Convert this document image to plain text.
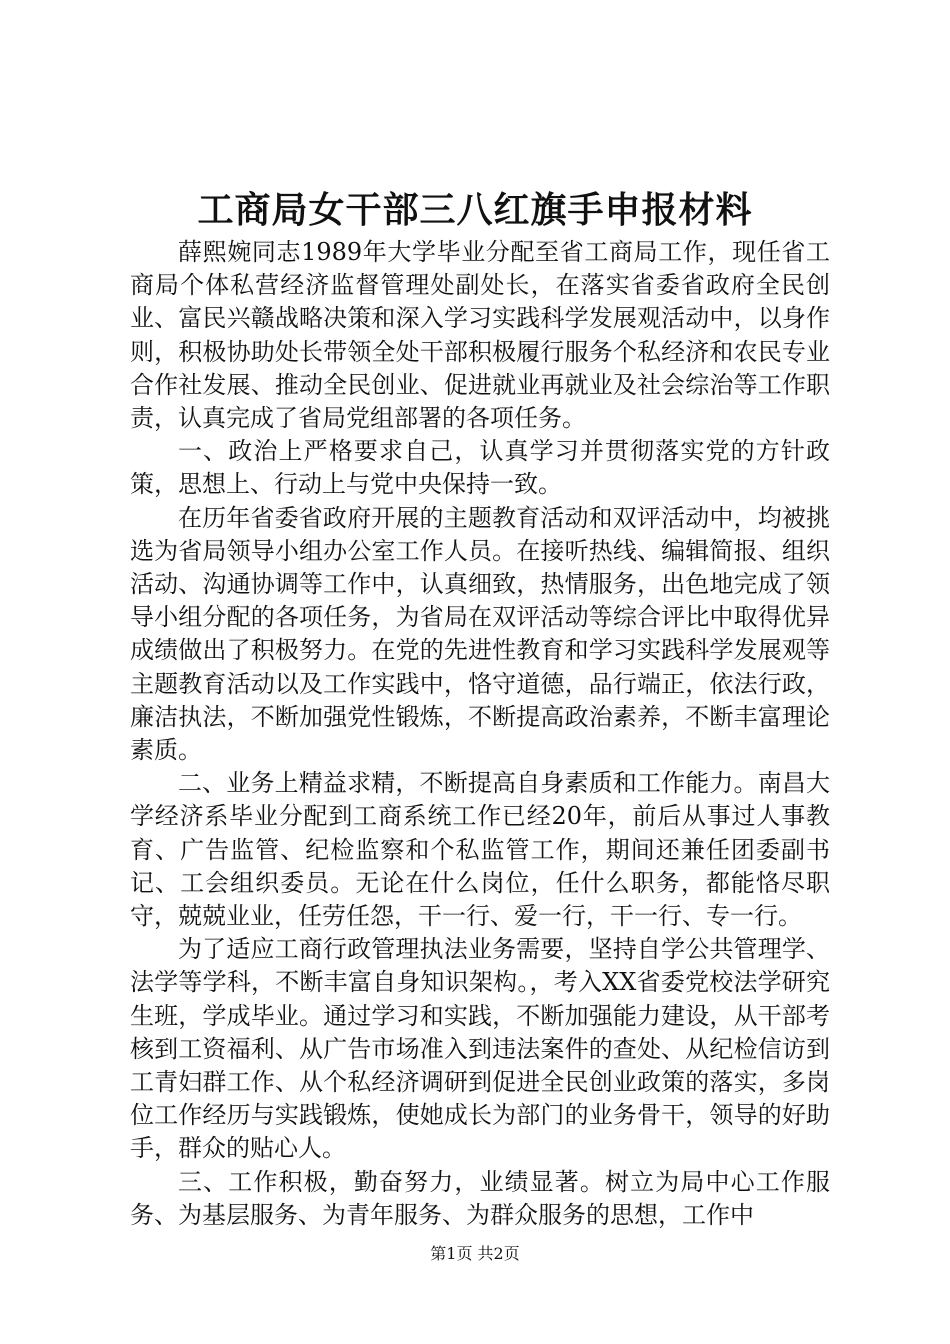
工商局女干部三八红旗手申报材料

薛熙婉同志1989年大学毕业分配至省工商局工作，现任省工商局个体私营经济监督管理处副处长，在落实省委省政府全民创业、富民兴赣战略决策和深入学习实践科学发展观活动中，以身作则，积极协助处长带领全处干部积极履行服务个私经济和农民专业合作社发展、推动全民创业、促进就业再就业及社会综治等工作职责，认真完成了省局党组部署的各项任务。

一、政治上严格要求自己，认真学习并贯彻落实党的方针政策，思想上、行动上与党中央保持一致。

在历年省委省政府开展的主题教育活动和双评活动中，均被挑选为省局领导小组办公室工作人员。在接听热线、编辑简报、组织活动、沟通协调等工作中，认真细致，热情服务，出色地完成了领导小组分配的各项任务，为省局在双评活动等综合评比中取得优异成绩做出了积极努力。在党的先进性教育和学习实践科学发展观等主题教育活动以及工作实践中，恪守道德，品行端正，依法行政，廉洁执法，不断加强党性锻炼，不断提高政治素养，不断丰富理论素质。

二、业务上精益求精，不断提高自身素质和工作能力。南昌大学经济系毕业分配到工商系统工作已经20年，前后从事过人事教育、广告监管、纪检监察和个私监管工作，期间还兼任团委副书记、工会组织委员。无论在什么岗位，任什么职务，都能恪尽职守，兢兢业业，任劳任怨，干一行、爱一行，干一行、专一行。

为了适应工商行政管理执法业务需要，坚持自学公共管理学、法学等学科，不断丰富自身知识架构。，考入XX省委党校法学研究生班，学成毕业。通过学习和实践，不断加强能力建设，从干部考核到工资福利、从广告市场准入到违法案件的查处、从纪检信访到工青妇群工作、从个私经济调研到促进全民创业政策的落实，多岗位工作经历与实践锻炼，使她成长为部门的业务骨干，领导的好助手，群众的贴心人。

三、工作积极，勤奋努力，业绩显著。树立为局中心工作服务、为基层服务、为青年服务、为群众服务的思想，工作中

第1页 共2页
